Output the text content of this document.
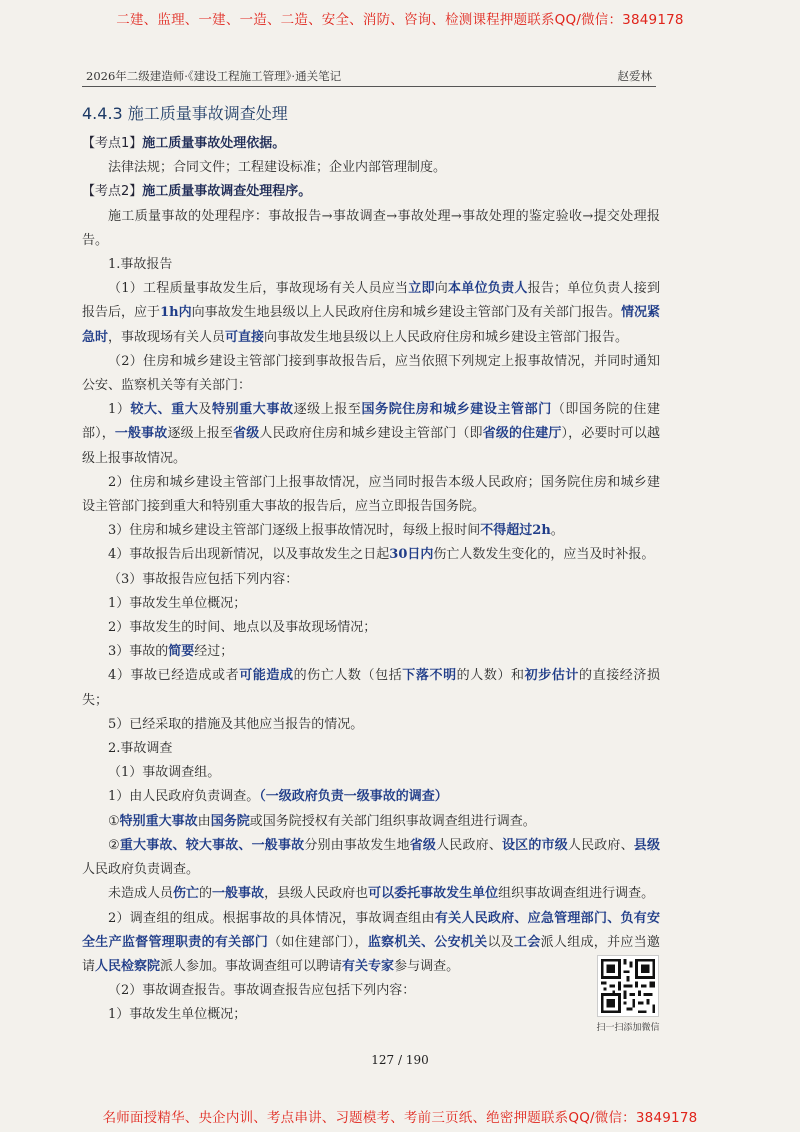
二建、监理、一建、一造、二造、安全、消防、咨询、检测课程押题联系QQ/微信：3849178
2026年二级建造师·《建设工程施工管理》·通关笔记	赵爱林

4.4.3 施工质量事故调查处理

【考点1】施工质量事故处理依据。

法律法规；合同文件；工程建设标准；企业内部管理制度。

【考点2】施工质量事故调查处理程序。

施工质量事故的处理程序：事故报告→事故调查→事故处理→事故处理的鉴定验收→提交处理报告。

1.事故报告

（1）工程质量事故发生后，事故现场有关人员应当立即向本单位负责人报告；单位负责人接到报告后，应于1h内向事故发生地县级以上人民政府住房和城乡建设主管部门及有关部门报告。情况紧急时，事故现场有关人员可直接向事故发生地县级以上人民政府住房和城乡建设主管部门报告。

（2）住房和城乡建设主管部门接到事故报告后，应当依照下列规定上报事故情况，并同时通知公安、监察机关等有关部门：

1）较大、重大及特别重大事故逐级上报至国务院住房和城乡建设主管部门（即国务院的住建部），一般事故逐级上报至省级人民政府住房和城乡建设主管部门（即省级的住建厅），必要时可以越级上报事故情况。

2）住房和城乡建设主管部门上报事故情况，应当同时报告本级人民政府；国务院住房和城乡建设主管部门接到重大和特别重大事故的报告后，应当立即报告国务院。

3）住房和城乡建设主管部门逐级上报事故情况时，每级上报时间不得超过2h。

4）事故报告后出现新情况，以及事故发生之日起30日内伤亡人数发生变化的，应当及时补报。

（3）事故报告应包括下列内容：

1）事故发生单位概况；

2）事故发生的时间、地点以及事故现场情况；

3）事故的简要经过；

4）事故已经造成或者可能造成的伤亡人数（包括下落不明的人数）和初步估计的直接经济损失；

5）已经采取的措施及其他应当报告的情况。

2.事故调查

（1）事故调查组。

1）由人民政府负责调查。（一级政府负责一级事故的调查）

①特别重大事故由国务院或国务院授权有关部门组织事故调查组进行调查。

②重大事故、较大事故、一般事故分别由事故发生地省级人民政府、设区的市级人民政府、县级人民政府负责调查。

未造成人员伤亡的一般事故，县级人民政府也可以委托事故发生单位组织事故调查组进行调查。

2）调查组的组成。根据事故的具体情况，事故调查组由有关人民政府、应急管理部门、负有安全生产监督管理职责的有关部门（如住建部门），监察机关、公安机关以及工会派人组成，并应当邀请人民检察院派人参加。事故调查组可以聘请有关专家参与调查。

（2）事故调查报告。事故调查报告应包括下列内容：

1）事故发生单位概况；

扫一扫添加微信
127 / 190
名师面授精华、央企内训、考点串讲、习题模考、考前三页纸、绝密押题联系QQ/微信：3849178
